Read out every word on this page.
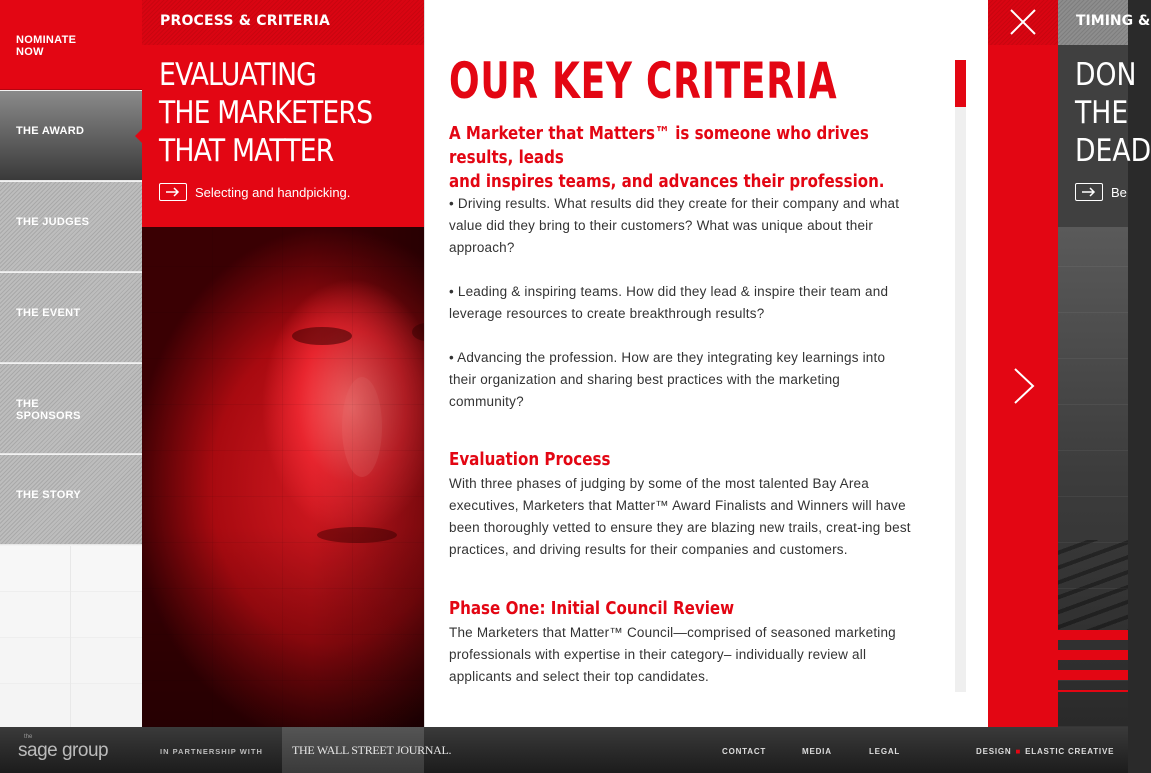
NOMINATE NOW
THE AWARD
THE JUDGES
THE EVENT
THE SPONSORS
THE STORY
PROCESS & CRITERIA
EVALUATING
THE MARKETERS
THAT MATTER
Selecting and handpicking.
OUR KEY CRITERIA
A Marketer that Matters™ is someone who drives results, leads
and inspires teams, and advances their profession.

• Driving results. What results did they create for their company and what value did they bring to their customers? What was unique about their approach?

• Leading & inspiring teams. How did they lead & inspire their team and leverage resources to create breakthrough results?

• Advancing the profession. How are they integrating key learnings into their organization and sharing best practices with the marketing community?

Evaluation Process

With three phases of judging by some of the most talented Bay Area executives, Marketers that Matter™ Award Finalists and Winners will have been thoroughly vetted to ensure they are blazing new trails, creat-ing best practices, and driving results for their companies and customers.

Phase One: Initial Council Review

The Marketers that Matter™ Council—comprised of seasoned marketing professionals with expertise in their category– individually review all applicants and select their top candidates.

TIMING &
DON
THE
DEAD
Be
the
sage group	IN PARTNERSHIP WITH THE WALL STREET JOURNAL.	CONTACT	MEDIA	LEGAL	DESIGN ■ ELASTIC CREATIVE
